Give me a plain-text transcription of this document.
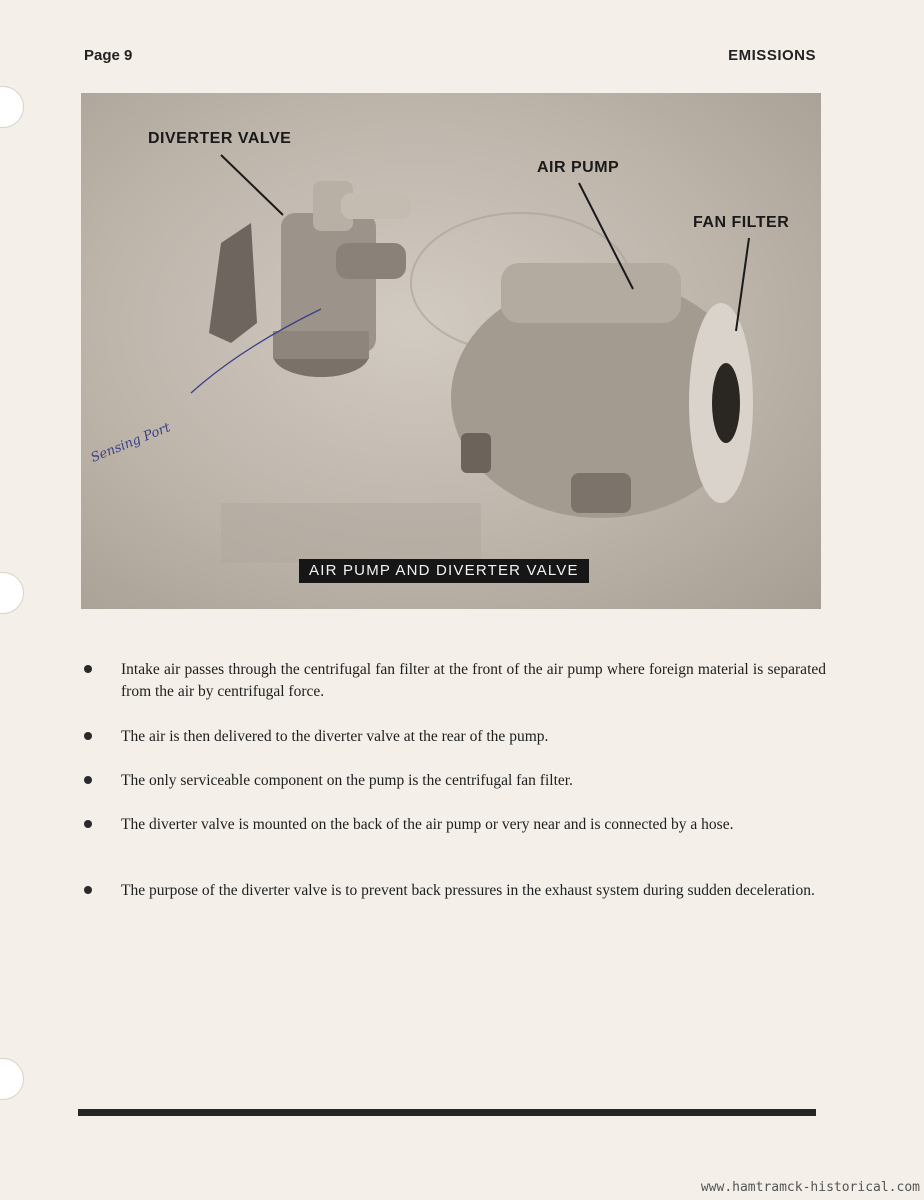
Page 9	EMISSIONS
DIVERTER VALVE
AIR PUMP
FAN FILTER
Sensing Port
AIR PUMP AND DIVERTER VALVE
Intake air passes through the centrifugal fan filter at the front of the air pump where foreign material is separated from the air by centrifugal force.
The air is then delivered to the diverter valve at the rear of the pump.
The only serviceable component on the pump is the centrifugal fan filter.
The diverter valve is mounted on the back of the air pump or very near and is connected by a hose.
The purpose of the diverter valve is to prevent back pressures in the exhaust system during sudden deceleration.
www.hamtramck-historical.com
